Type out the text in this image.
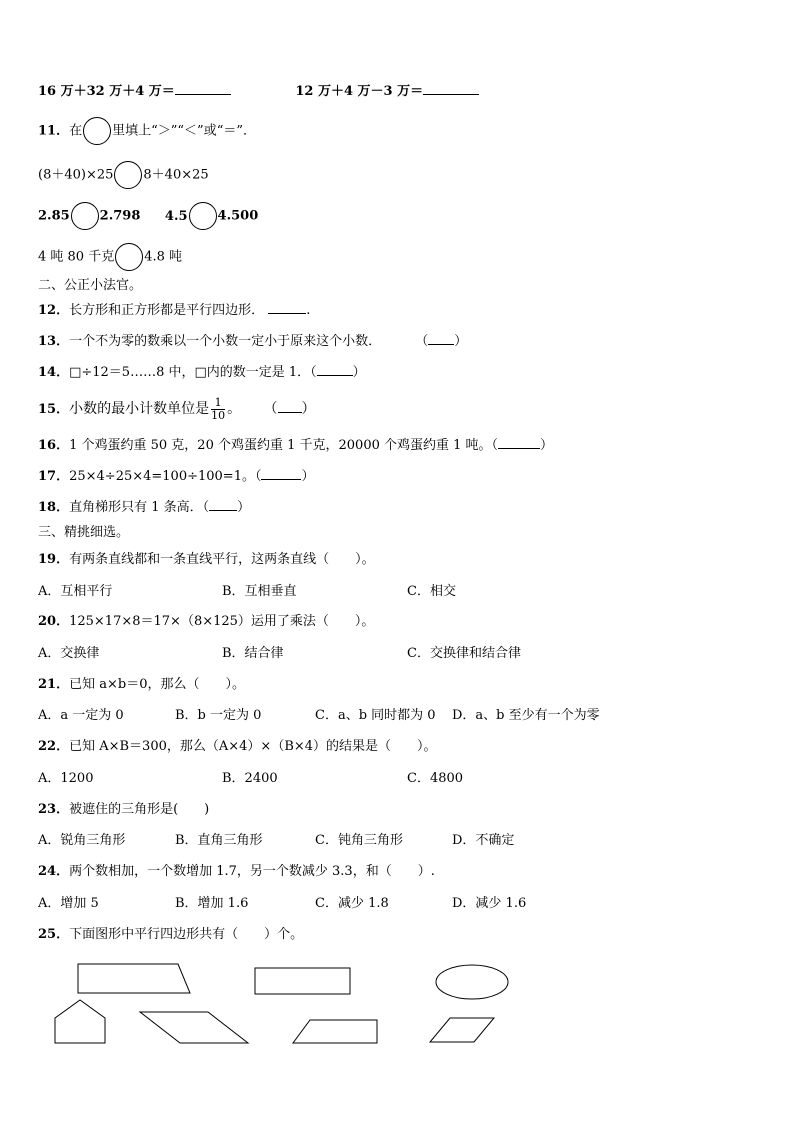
16 万＋32 万＋4 万＝	12 万＋4 万－3 万＝
11．在 里填上“＞”“＜”或“＝”．
(8＋40)×25 8＋40×25
2.85 2.798 4.5 4.500
4 吨 80 千克 4.8 吨
二、公正小法官。
12．长方形和正方形都是平行四边形．	.
13．一个不为零的数乘以一个小数一定小于原来这个小数．	（ ）
14．□÷12＝5……8 中，□内的数一定是 1．（	）
15．小数的最小计数单位是 $\frac{1}{10}$ 。 （ ）
16．1 个鸡蛋约重 50 克，20 个鸡蛋约重 1 千克，20000 个鸡蛋约重 1 吨。（	）
17．25×4÷25×4=100÷100=1。（	）
18．直角梯形只有 1 条高．（ ）
三、精挑细选。
19．有两条直线都和一条直线平行，这两条直线（　　）。
A．互相平行	B．互相垂直	C．相交
20．125×17×8＝17×（8×125）运用了乘法（　　）。
A．交换律	B．结合律	C．交换律和结合律
21．已知 a×b＝0，那么（　　）。
A．a 一定为 0	B．b 一定为 0	C．a、b 同时都为 0 D．a、b 至少有一个为零
22．已知 A×B＝300，那么（A×4）×（B×4）的结果是（　　）。
A．1200	B．2400	C．4800
23．被遮住的三角形是(　　)
A．锐角三角形	B．直角三角形	C．钝角三角形	D．不确定
24．两个数相加，一个数增加 1.7，另一个数减少 3.3，和（　　）.
A．增加 5	B．增加 1.6	C．减少 1.8	D．减少 1.6
25．下面图形中平行四边形共有（　　）个。
